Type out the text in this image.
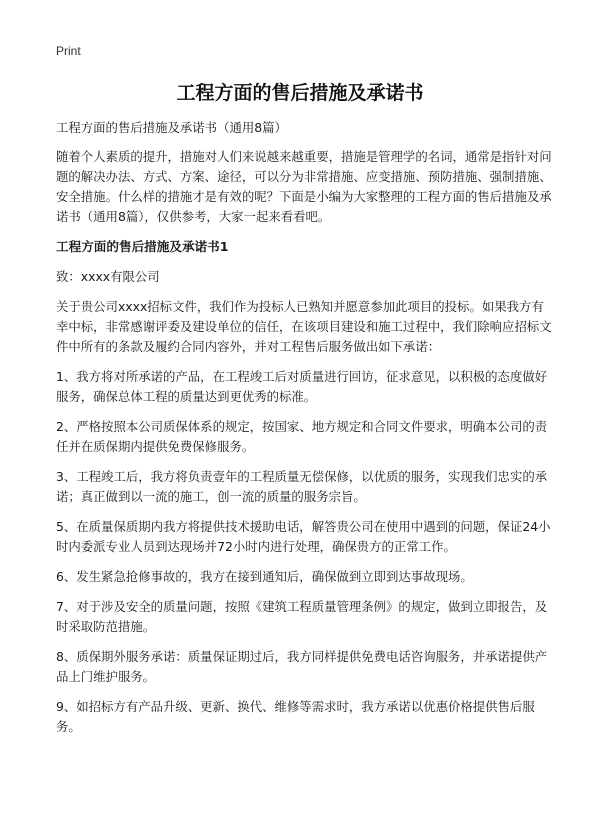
Print
工程方面的售后措施及承诺书

工程方面的售后措施及承诺书（通用8篇）

随着个人素质的提升，措施对人们来说越来越重要，措施是管理学的名词，通常是指针对问题的解决办法、方式、方案、途径，可以分为非常措施、应变措施、预防措施、强制措施、安全措施。什么样的措施才是有效的呢？下面是小编为大家整理的工程方面的售后措施及承诺书（通用8篇），仅供参考，大家一起来看看吧。

工程方面的售后措施及承诺书1

致：xxxx有限公司

关于贵公司xxxx招标文件，我们作为投标人已熟知并愿意参加此项目的投标。如果我方有幸中标，非常感谢评委及建设单位的信任，在该项目建设和施工过程中，我们除响应招标文件中所有的条款及履约合同内容外，并对工程售后服务做出如下承诺：

1、我方将对所承诺的产品，在工程竣工后对质量进行回访，征求意见，以积极的态度做好服务，确保总体工程的质量达到更优秀的标准。

2、严格按照本公司质保体系的规定，按国家、地方规定和合同文件要求，明确本公司的责任并在质保期内提供免费保修服务。

3、工程竣工后，我方将负责壹年的工程质量无偿保修，以优质的服务，实现我们忠实的承诺；真正做到以一流的施工，创一流的质量的服务宗旨。

5、在质量保质期内我方将提供技术援助电话，解答贵公司在使用中遇到的问题，保证24小时内委派专业人员到达现场并72小时内进行处理，确保贵方的正常工作。

6、发生紧急抢修事故的，我方在接到通知后，确保做到立即到达事故现场。

7、对于涉及安全的质量问题，按照《建筑工程质量管理条例》的规定，做到立即报告，及时采取防范措施。

8、质保期外服务承诺：质量保证期过后，我方同样提供免费电话咨询服务，并承诺提供产品上门维护服务。

9、如招标方有产品升级、更新、换代、维修等需求时，我方承诺以优惠价格提供售后服务。
